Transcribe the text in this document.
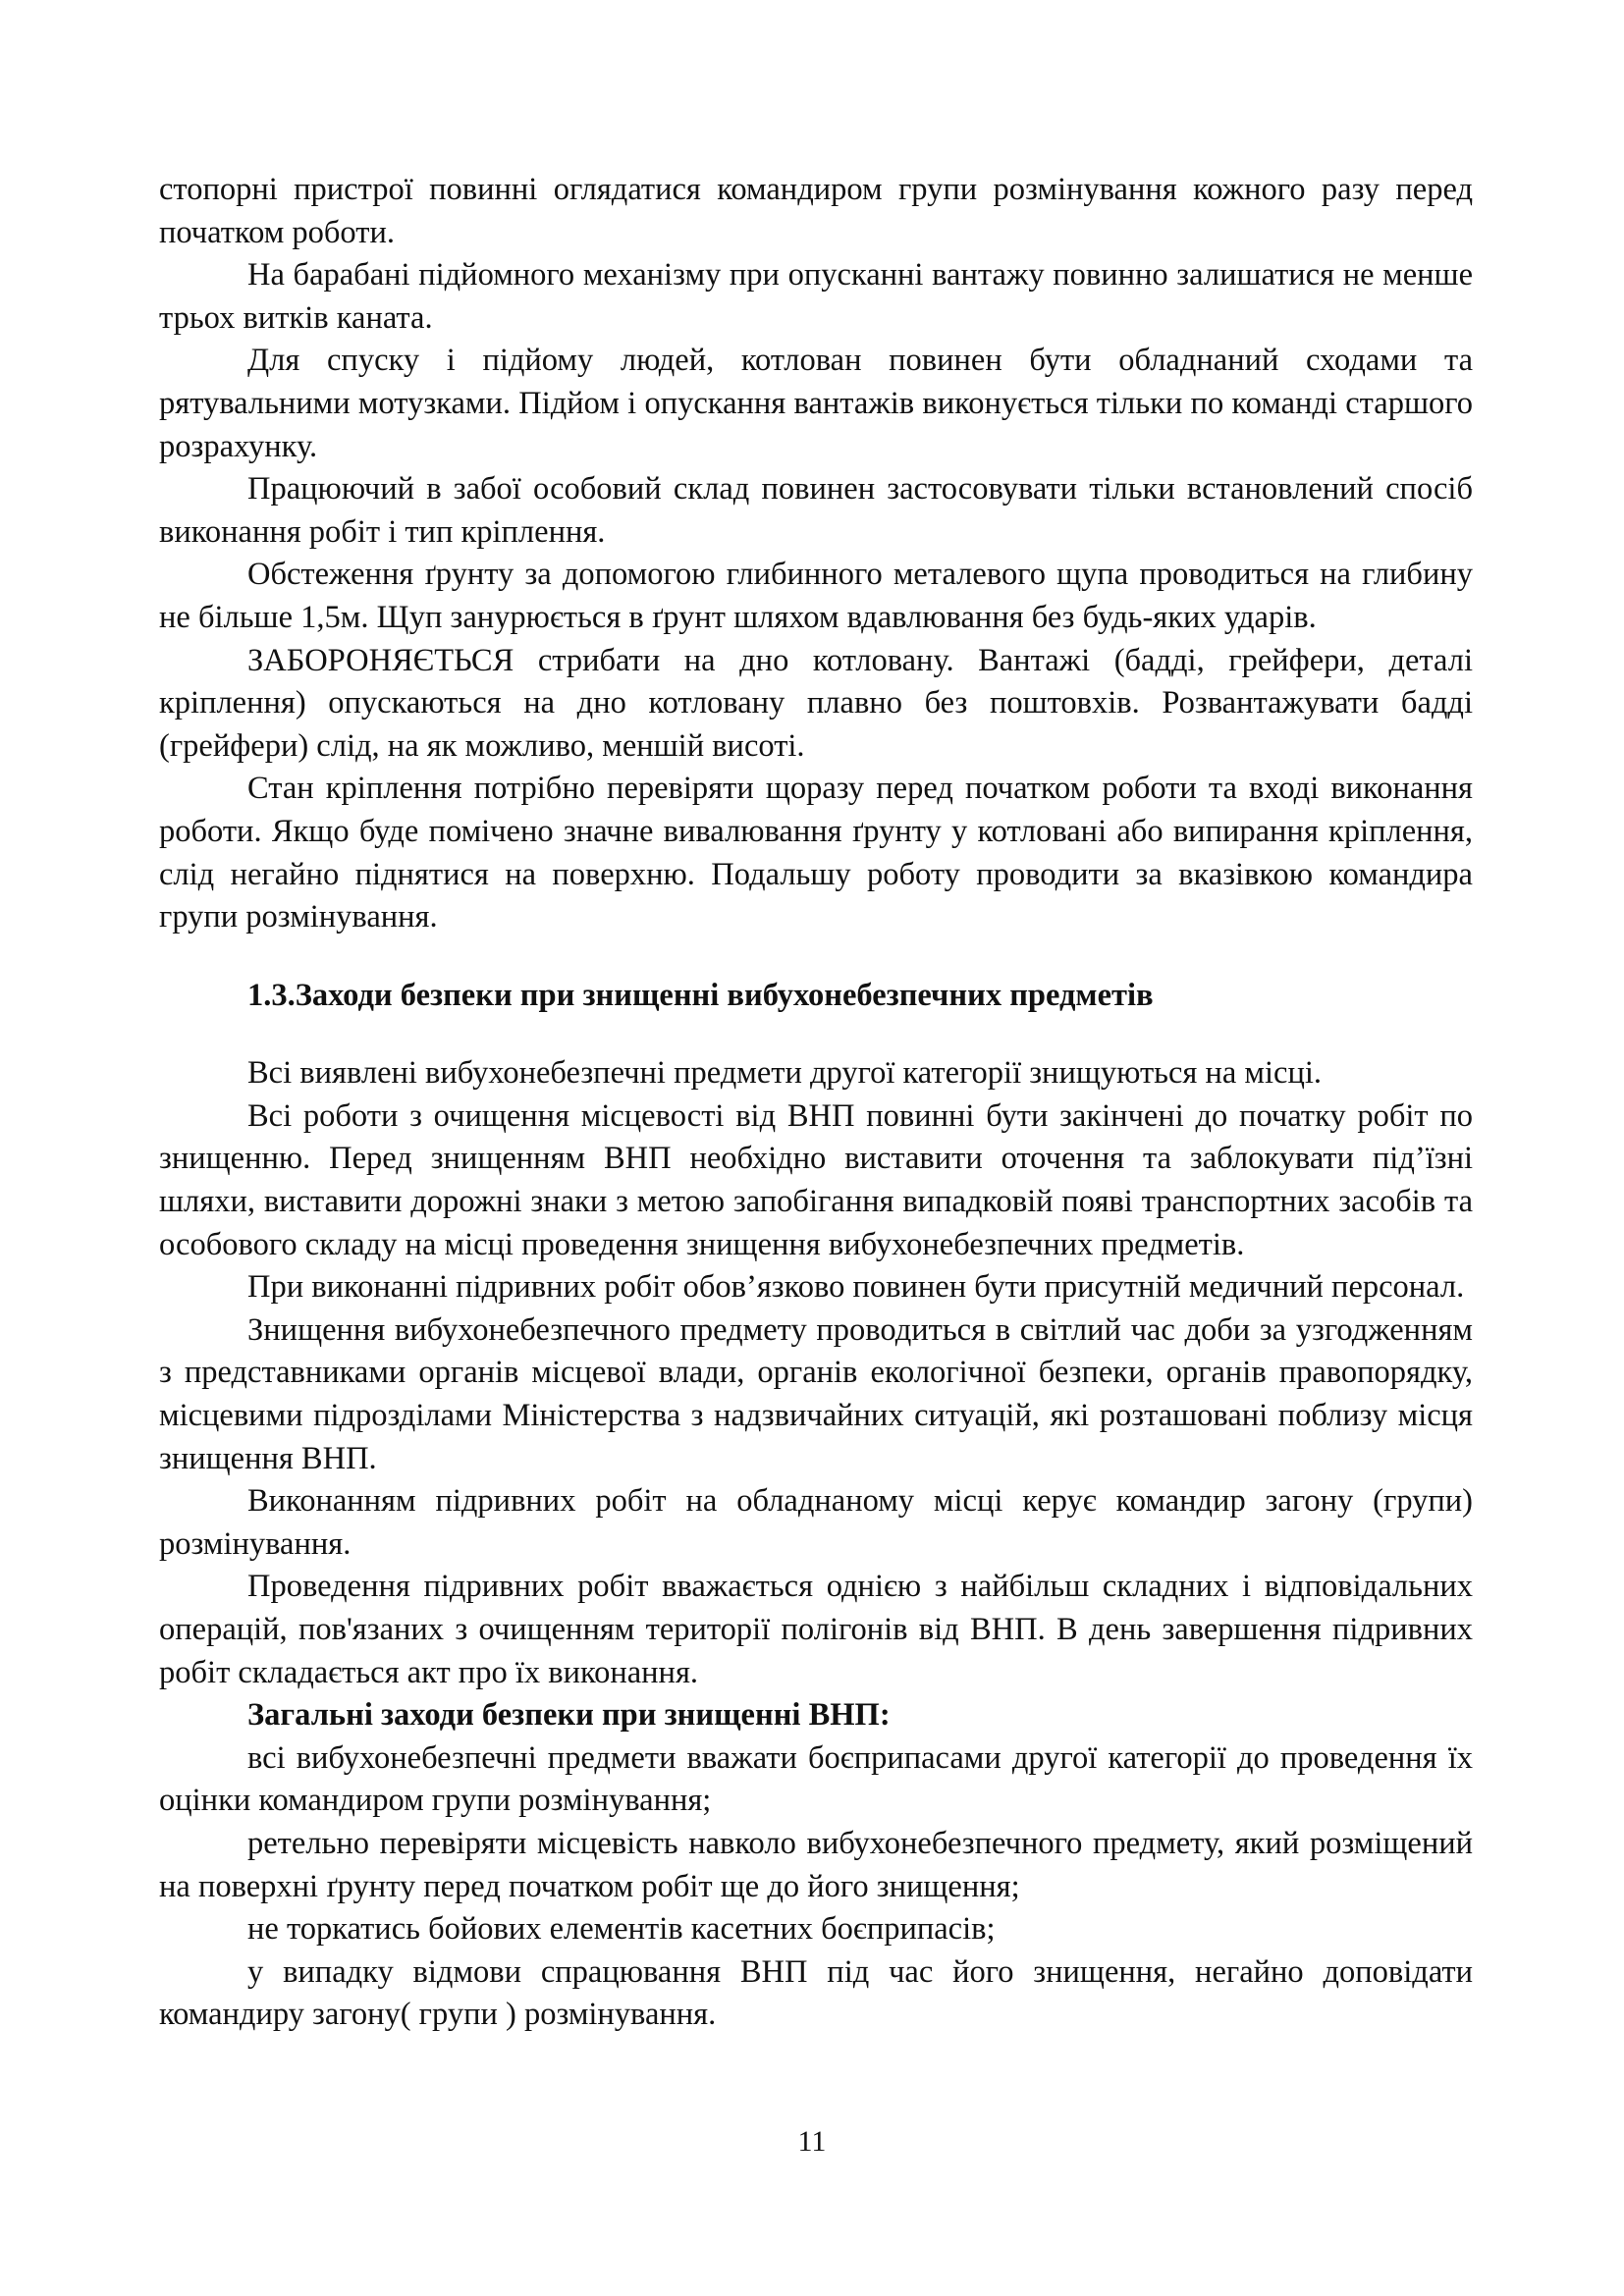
стопорні пристрої повинні оглядатися командиром групи розмінування кожного разу перед початком роботи.

На барабані підйомного механізму при опусканні вантажу повинно залишатися не менше трьох витків каната.

Для спуску і підйому людей, котлован повинен бути обладнаний сходами та рятувальними мотузками. Підйом і опускання вантажів виконується тільки по команді старшого розрахунку.

Працюючий в забої особовий склад повинен застосовувати тільки встановлений спосіб виконання робіт і тип кріплення.

Обстеження ґрунту за допомогою глибинного металевого щупа проводиться на глибину не більше 1,5м. Щуп занурюється в ґрунт шляхом вдавлювання без будь-яких ударів.

ЗАБОРОНЯЄТЬСЯ стрибати на дно котловану. Вантажі (бадді, грейфери, деталі кріплення) опускаються на дно котловану плавно без поштовхів. Розвантажувати бадді (грейфери) слід, на як можливо, меншій висоті.

Стан кріплення потрібно перевіряти щоразу перед початком роботи та вході виконання роботи. Якщо буде помічено значне вивалювання ґрунту у котловані або випирання кріплення, слід негайно піднятися на поверхню. Подальшу роботу проводити за вказівкою командира групи розмінування.

1.3.Заходи безпеки при знищенні вибухонебезпечних предметів

Всі виявлені вибухонебезпечні предмети другої категорії знищуються на місці.

Всі роботи з очищення місцевості від ВНП повинні бути закінчені до початку робіт по знищенню. Перед знищенням ВНП необхідно виставити оточення та заблокувати під’їзні шляхи, виставити дорожні знаки з метою запобігання випадковій появі транспортних засобів та особового складу на місці проведення знищення вибухонебезпечних предметів.

При виконанні підривних робіт обов’язково повинен бути присутній медичний персонал.

Знищення вибухонебезпечного предмету проводиться в світлий час доби за узгодженням з представниками органів місцевої влади, органів екологічної безпеки, органів правопорядку, місцевими підрозділами Міністерства з надзвичайних ситуацій, які розташовані поблизу місця знищення ВНП.

Виконанням підривних робіт на обладнаному місці керує командир загону (групи) розмінування.

Проведення підривних робіт вважається однією з найбільш складних і відповідальних операцій, пов'язаних з очищенням території полігонів від ВНП. В день завершення підривних робіт складається акт про їх виконання.

Загальні заходи безпеки при знищенні ВНП:

всі вибухонебезпечні предмети вважати боєприпасами другої категорії до проведення їх оцінки командиром групи розмінування;

ретельно перевіряти місцевість навколо вибухонебезпечного предмету, який розміщений на поверхні ґрунту перед початком робіт ще до його знищення;

не торкатись бойових елементів касетних боєприпасів;

у випадку відмови спрацювання ВНП під час його знищення, негайно доповідати командиру загону( групи ) розмінування.

11
